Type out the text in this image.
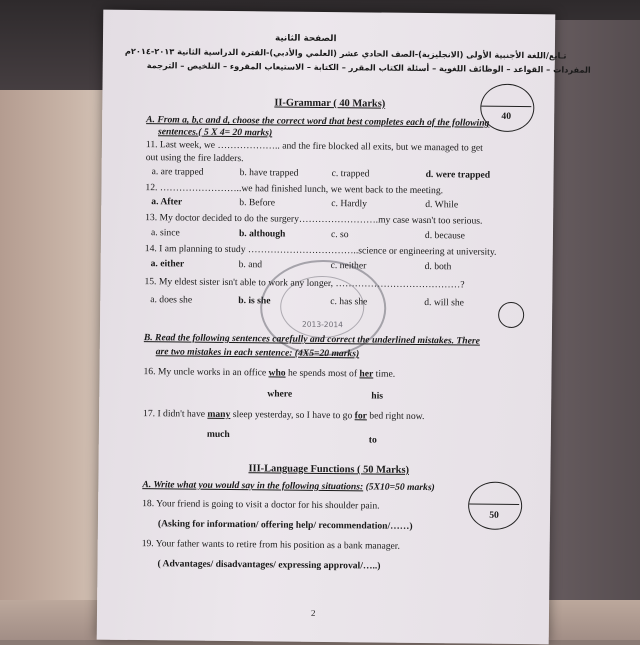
الصفحة الثانية
تـابع/اللغة الأجنبية الأولى (الانجليزية)-الصف الحادي عشر (العلمي والأدبي)-الفترة الدراسية الثانية ٢٠١٣-٢٠١٤م
المفردات – القواعد – الوظائف اللغوية – أسئلة الكتاب المقرر – الكتابة – الاستيعاب المقروء – التلخيص – الترجمة
II-Grammar ( 40 Marks)
40
A. From a, b,c and d, choose the correct word that best completes each of the following
sentences.( 5 X 4= 20 marks)
11. Last week, we ……………….. and the fire blocked all exits, but we managed to get
out using the fire ladders.
a. are trapped	b. have trapped	c. trapped	d. were trapped
12. ……………………..we had finished lunch, we went back to the meeting.
a. After	b. Before	c. Hardly	d. While
13. My doctor decided to do the surgery…………………….my case wasn't too serious.
a. since	b. although	c. so	d. because
14. I am planning to study ……………………………..science or engineering at university.
a. either	b. and	c. neither	d. both
15. My eldest sister isn't able to work any longer, …………………………………?
a. does she	b. is she	c. has she	d. will she
2013-2014
B. Read the following sentences carefully and correct the underlined mistakes. There
are two mistakes in each sentence: (4X5=20 marks)
16. My uncle works in an office who he spends most of her time.
where	his
17. I didn't have many sleep yesterday, so I have to go for bed right now.
much	to
III-Language Functions ( 50 Marks)
A. Write what you would say in the following situations: (5X10=50 marks)
50
18. Your friend is going to visit a doctor for his shoulder pain.
(Asking for information/ offering help/ recommendation/……)
19. Your father wants to retire from his position as a bank manager.
( Advantages/ disadvantages/ expressing approval/…..)
2
